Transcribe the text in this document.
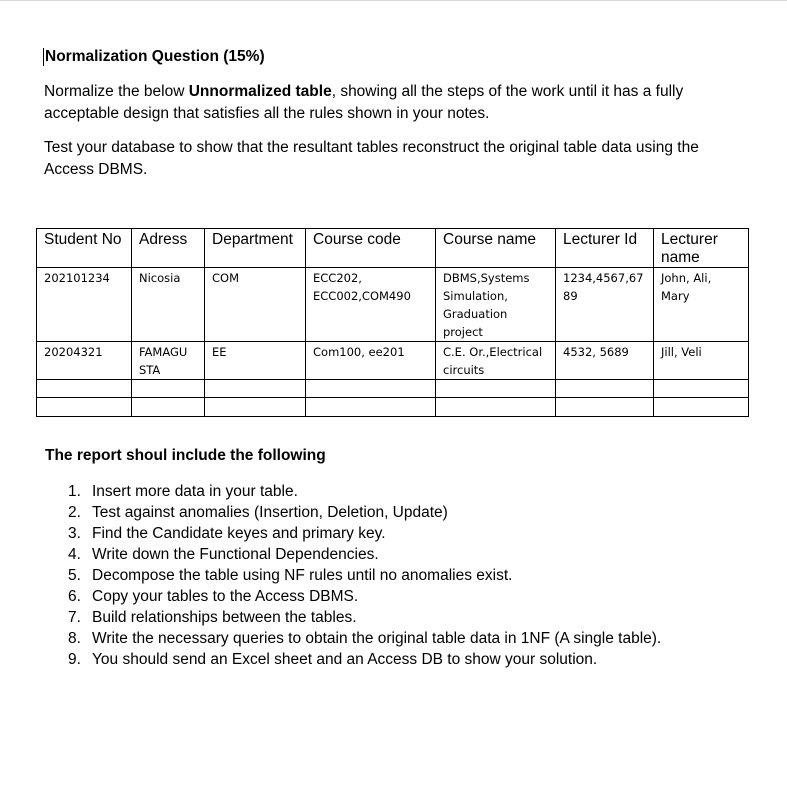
Normalization Question (15%)
Normalize the below Unnormalized table, showing all the steps of the work until it has a fully acceptable design that satisfies all the rules shown in your notes.
Test your database to show that the resultant tables reconstruct the original table data using the Access DBMS.
Student No	Adress	Department	Course code	Course name	Lecturer Id	Lecturer name
202101234	Nicosia	COM	ECC202, ECC002,COM490	DBMS,Systems Simulation, Graduation project	1234,4567,67 89	John, Ali, Mary
20204321	FAMAGU STA	EE	Com100, ee201	C.E. Or.,Electrical circuits	4532, 5689	Jill, Veli

The report shoul include the following
1. Insert more data in your table.
2. Test against anomalies (Insertion, Deletion, Update)
3. Find the Candidate keyes and primary key.
4. Write down the Functional Dependencies.
5. Decompose the table using NF rules until no anomalies exist.
6. Copy your tables to the Access DBMS.
7. Build relationships between the tables.
8. Write the necessary queries to obtain the original table data in 1NF (A single table).
9. You should send an Excel sheet and an Access DB to show your solution.
